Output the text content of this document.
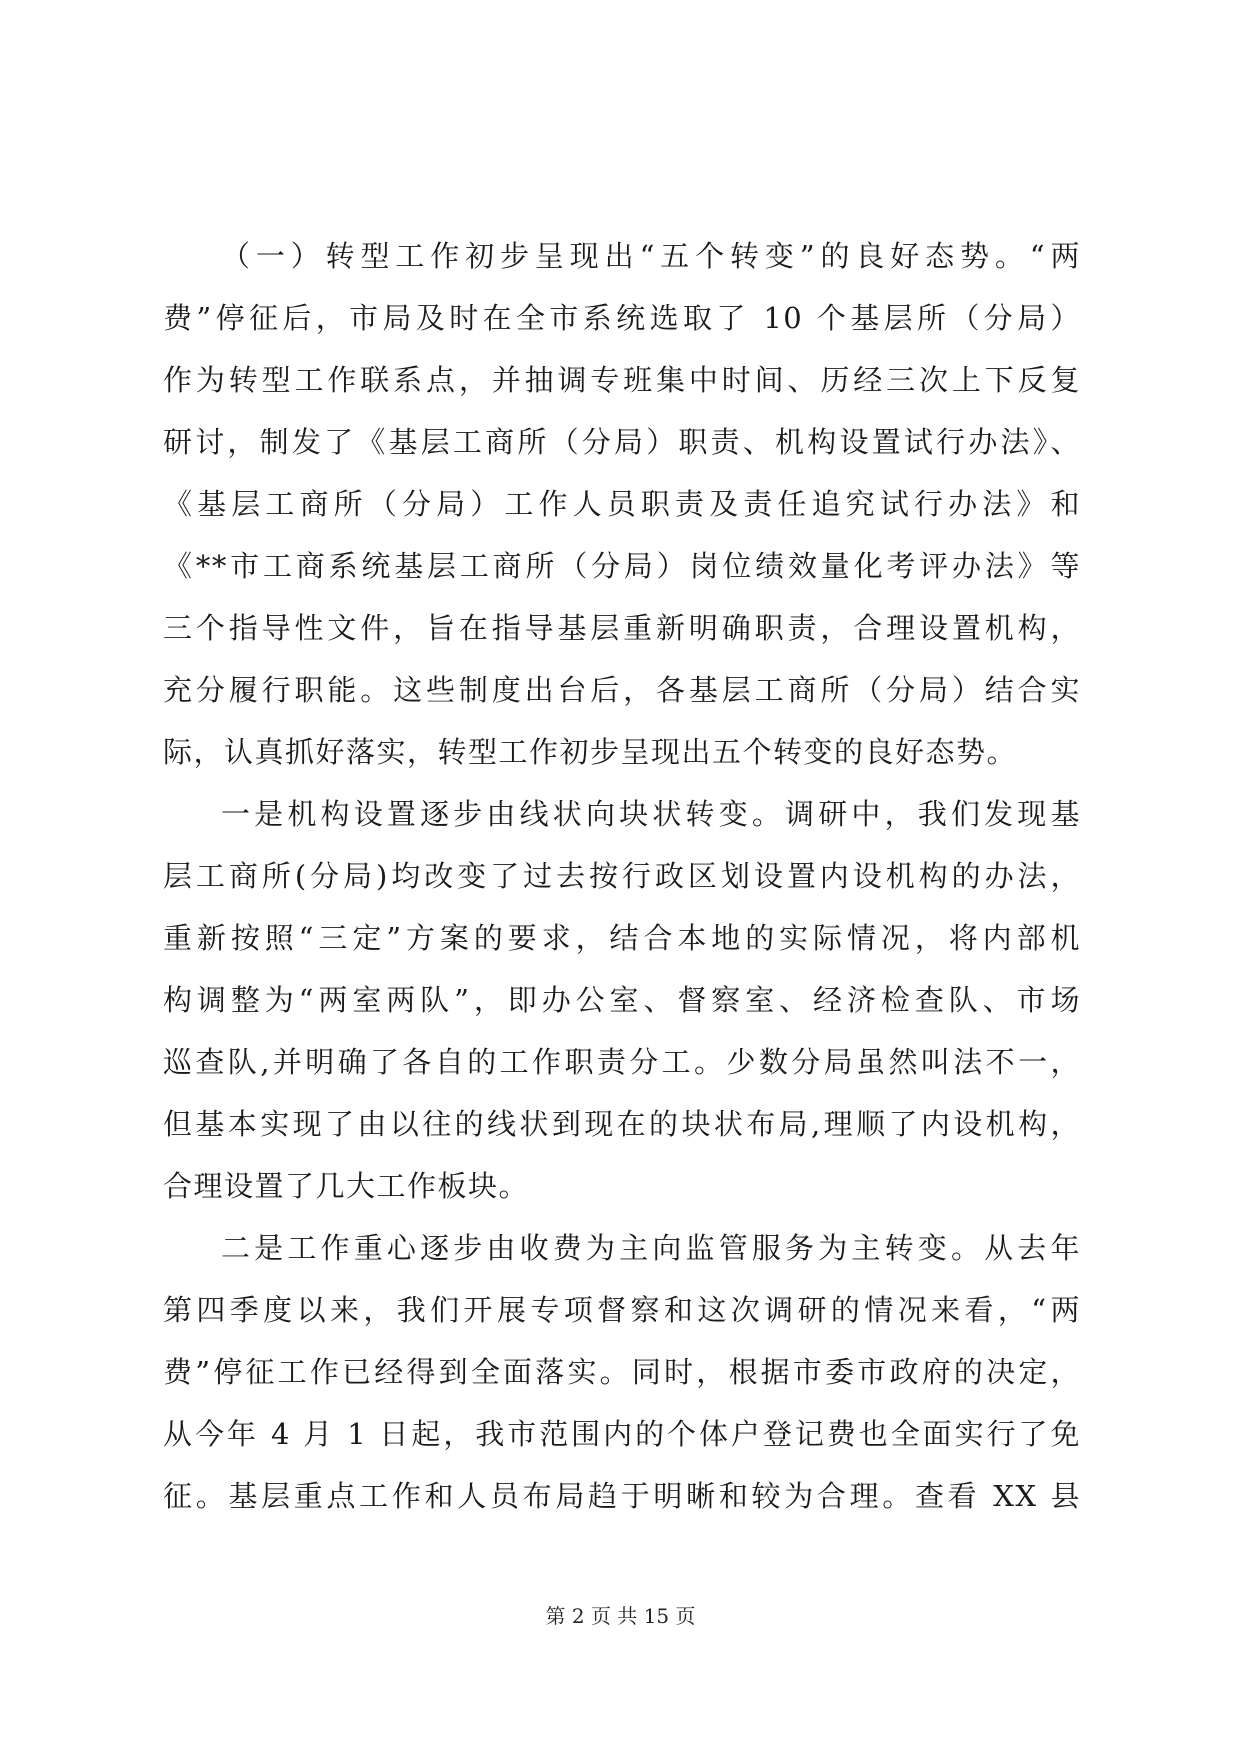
（一）转型工作初步呈现出“五个转变”的良好态势。“两
费”停征后，市局及时在全市系统选取了 10 个基层所（分局）
作为转型工作联系点，并抽调专班集中时间、历经三次上下反复
研讨，制发了《基层工商所（分局）职责、机构设置试行办法》、
《基层工商所（分局）工作人员职责及责任追究试行办法》和
《**市工商系统基层工商所（分局）岗位绩效量化考评办法》等
三个指导性文件，旨在指导基层重新明确职责，合理设置机构，
充分履行职能。这些制度出台后，各基层工商所（分局）结合实
际，认真抓好落实，转型工作初步呈现出五个转变的良好态势。
一是机构设置逐步由线状向块状转变。调研中，我们发现基
层工商所(分局)均改变了过去按行政区划设置内设机构的办法，
重新按照“三定”方案的要求，结合本地的实际情况，将内部机
构调整为“两室两队”，即办公室、督察室、经济检查队、市场
巡查队,并明确了各自的工作职责分工。少数分局虽然叫法不一，
但基本实现了由以往的线状到现在的块状布局,理顺了内设机构，
合理设置了几大工作板块。
二是工作重心逐步由收费为主向监管服务为主转变。从去年
第四季度以来，我们开展专项督察和这次调研的情况来看，“两
费”停征工作已经得到全面落实。同时，根据市委市政府的决定，
从今年 4 月 1 日起，我市范围内的个体户登记费也全面实行了免
征。基层重点工作和人员布局趋于明晰和较为合理。查看 XX 县
第 2 页 共 15 页
